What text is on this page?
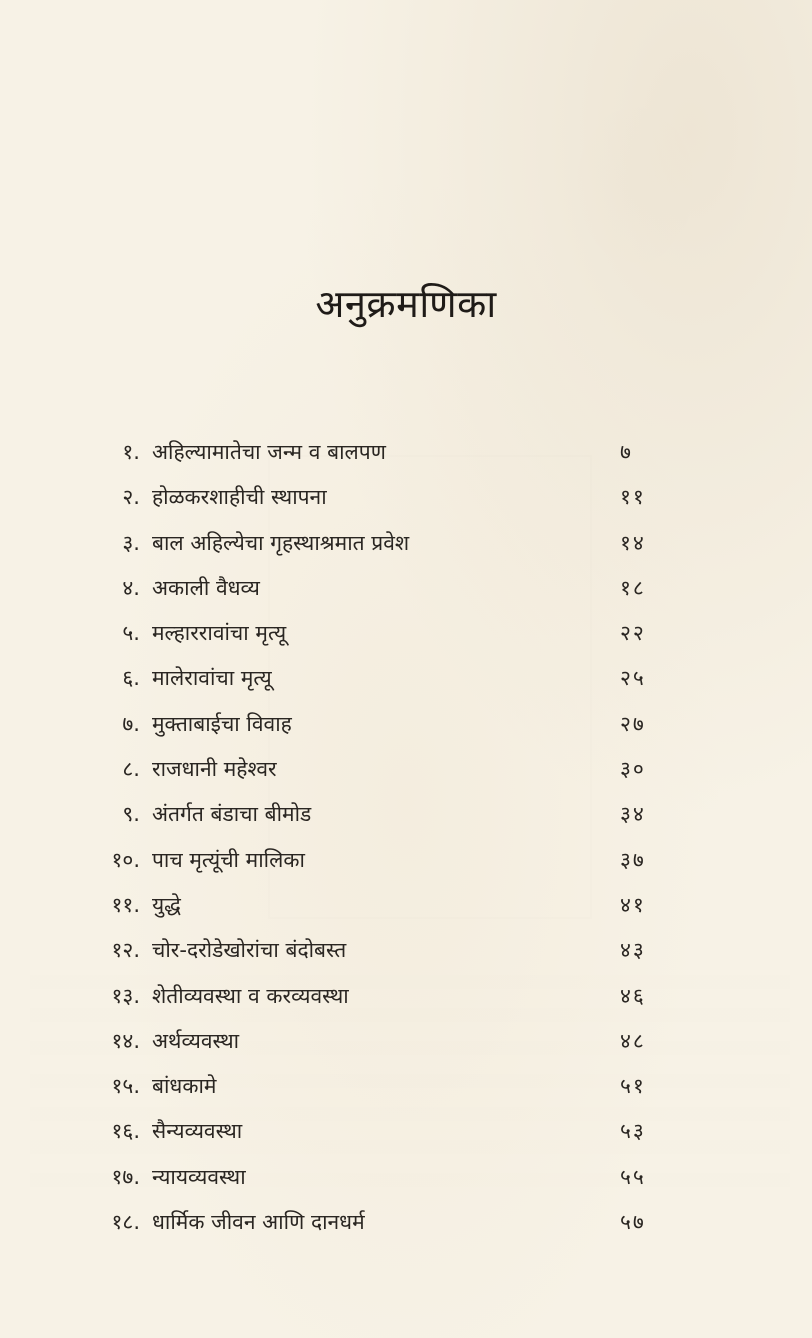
अनुक्रमणिका
१. अहिल्यामातेचा जन्म व बालपण	७
२. होळकरशाहीची स्थापना	११
३. बाल अहिल्येचा गृहस्थाश्रमात प्रवेश	१४
४. अकाली वैधव्य	१८
५. मल्हाररावांचा मृत्यू	२२
६. मालेरावांचा मृत्यू	२५
७. मुक्ताबाईचा विवाह	२७
८. राजधानी महेश्वर	३०
९. अंतर्गत बंडाचा बीमोड	३४
१०. पाच मृत्यूंची मालिका	३७
११. युद्धे	४१
१२. चोर-दरोडेखोरांचा बंदोबस्त	४३
१३. शेतीव्यवस्था व करव्यवस्था	४६
१४. अर्थव्यवस्था	४८
१५. बांधकामे	५१
१६. सैन्यव्यवस्था	५३
१७. न्यायव्यवस्था	५५
१८. धार्मिक जीवन आणि दानधर्म	५७
